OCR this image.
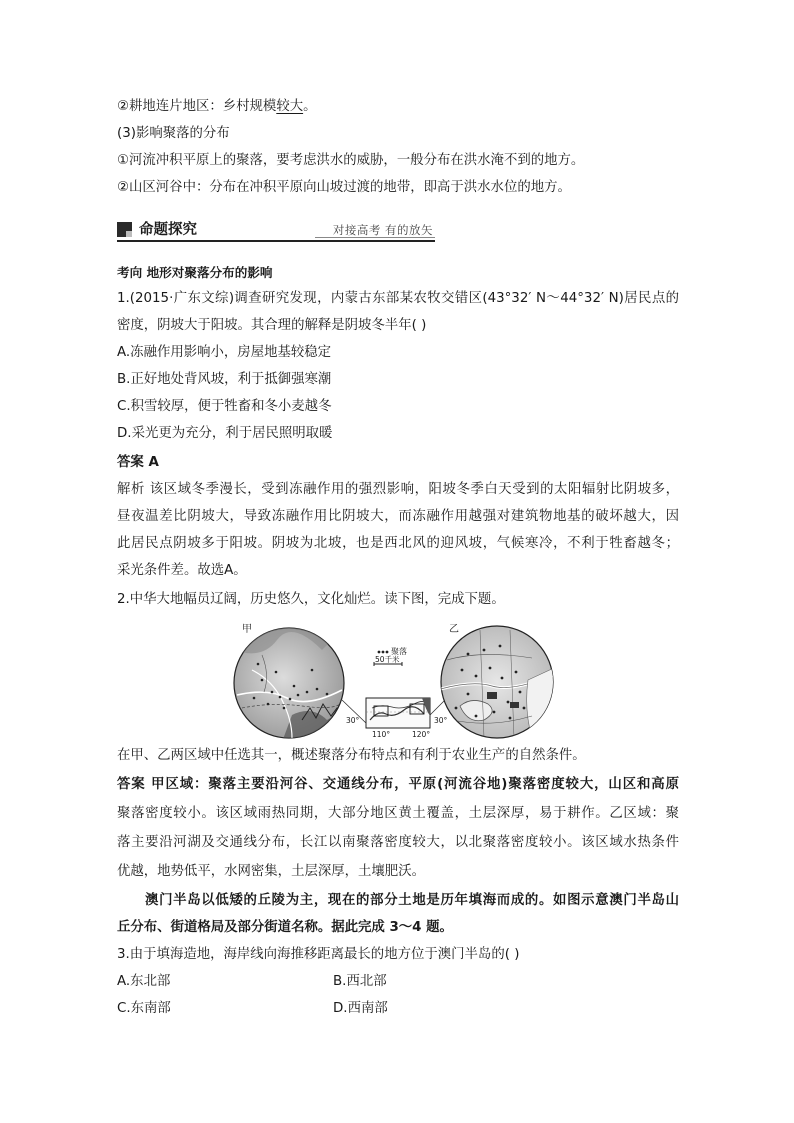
②耕地连片地区：乡村规模较大。
(3)影响聚落的分布
①河流冲积平原上的聚落，要考虑洪水的威胁，一般分布在洪水淹不到的地方。
②山区河谷中：分布在冲积平原向山坡过渡的地带，即高于洪水水位的地方。
命题探究	对接高考 有的放矢
考向 地形对聚落分布的影响
1.(2015·广东文综)调查研究发现，内蒙古东部某农牧交错区(43°32′ N～44°32′ N)居民点的
密度，阴坡大于阳坡。其合理的解释是阴坡冬半年( )
A.冻融作用影响小，房屋地基较稳定
B.正好地处背风坡，利于抵御强寒潮
C.积雪较厚，便于牲畜和冬小麦越冬
D.采光更为充分，利于居民照明取暖
答案 A
解析 该区域冬季漫长，受到冻融作用的强烈影响，阳坡冬季白天受到的太阳辐射比阴坡多，
昼夜温差比阴坡大，导致冻融作用比阴坡大，而冻融作用越强对建筑物地基的破坏越大，因
此居民点阴坡多于阳坡。阴坡为北坡，也是西北风的迎风坡，气候寒冷，不利于牲畜越冬；
采光条件差。故选A。
2.中华大地幅员辽阔，历史悠久，文化灿烂。读下图，完成下题。
甲	乙
聚落
50千米
30°	30°
110°	120°
在甲、乙两区域中任选其一，概述聚落分布特点和有利于农业生产的自然条件。
答案 甲区域：聚落主要沿河谷、交通线分布，平原(河流谷地)聚落密度较大，山区和高原
聚落密度较小。该区域雨热同期，大部分地区黄土覆盖，土层深厚，易于耕作。乙区域：聚
落主要沿河湖及交通线分布，长江以南聚落密度较大，以北聚落密度较小。该区域水热条件
优越，地势低平，水网密集，土层深厚，土壤肥沃。
澳门半岛以低矮的丘陵为主，现在的部分土地是历年填海而成的。如图示意澳门半岛山
丘分布、街道格局及部分街道名称。据此完成 3～4 题。
3.由于填海造地，海岸线向海推移距离最长的地方位于澳门半岛的( )
A.东北部	B.西北部
C.东南部	D.西南部
